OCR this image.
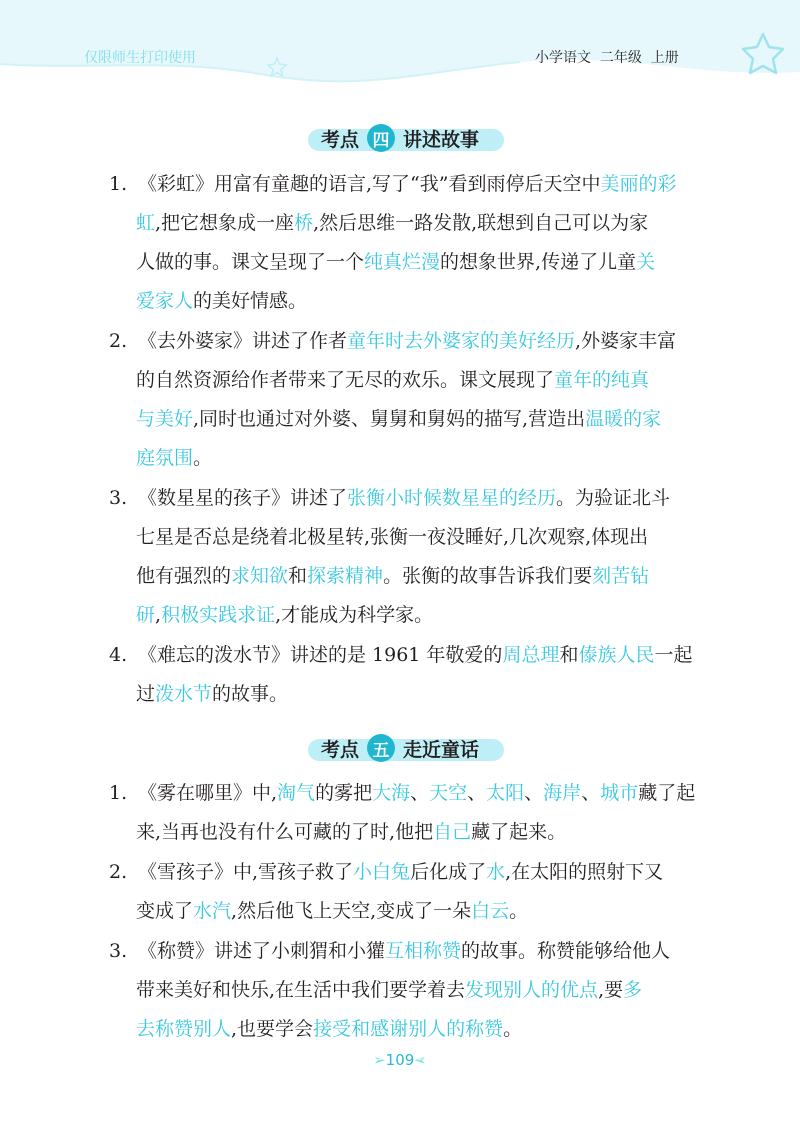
仅限师生打印使用	小学语文  二年级  上册
考点 四 讲述故事
1. 《彩虹》用富有童趣的语言,写了“我”看到雨停后天空中美丽的彩
虹,把它想象成一座桥,然后思维一路发散,联想到自己可以为家
人做的事。课文呈现了一个纯真烂漫的想象世界,传递了儿童关
爱家人的美好情感。
2. 《去外婆家》讲述了作者童年时去外婆家的美好经历,外婆家丰富
的自然资源给作者带来了无尽的欢乐。课文展现了童年的纯真
与美好,同时也通过对外婆、舅舅和舅妈的描写,营造出温暖的家
庭氛围。
3. 《数星星的孩子》讲述了张衡小时候数星星的经历。为验证北斗
七星是否总是绕着北极星转,张衡一夜没睡好,几次观察,体现出
他有强烈的求知欲和探索精神。张衡的故事告诉我们要刻苦钻
研,积极实践求证,才能成为科学家。
4. 《难忘的泼水节》讲述的是 1961 年敬爱的周总理和傣族人民一起
过泼水节的故事。
考点 五 走近童话
1. 《雾在哪里》中,淘气的雾把大海、天空、太阳、海岸、城市藏了起
来,当再也没有什么可藏的了时,他把自己藏了起来。
2. 《雪孩子》中,雪孩子救了小白兔后化成了水,在太阳的照射下又
变成了水汽,然后他飞上天空,变成了一朵白云。
3. 《称赞》讲述了小刺猬和小獾互相称赞的故事。称赞能够给他人
带来美好和快乐,在生活中我们要学着去发现别人的优点,要多
去称赞别人,也要学会接受和感谢别人的称赞。
➢109➢
